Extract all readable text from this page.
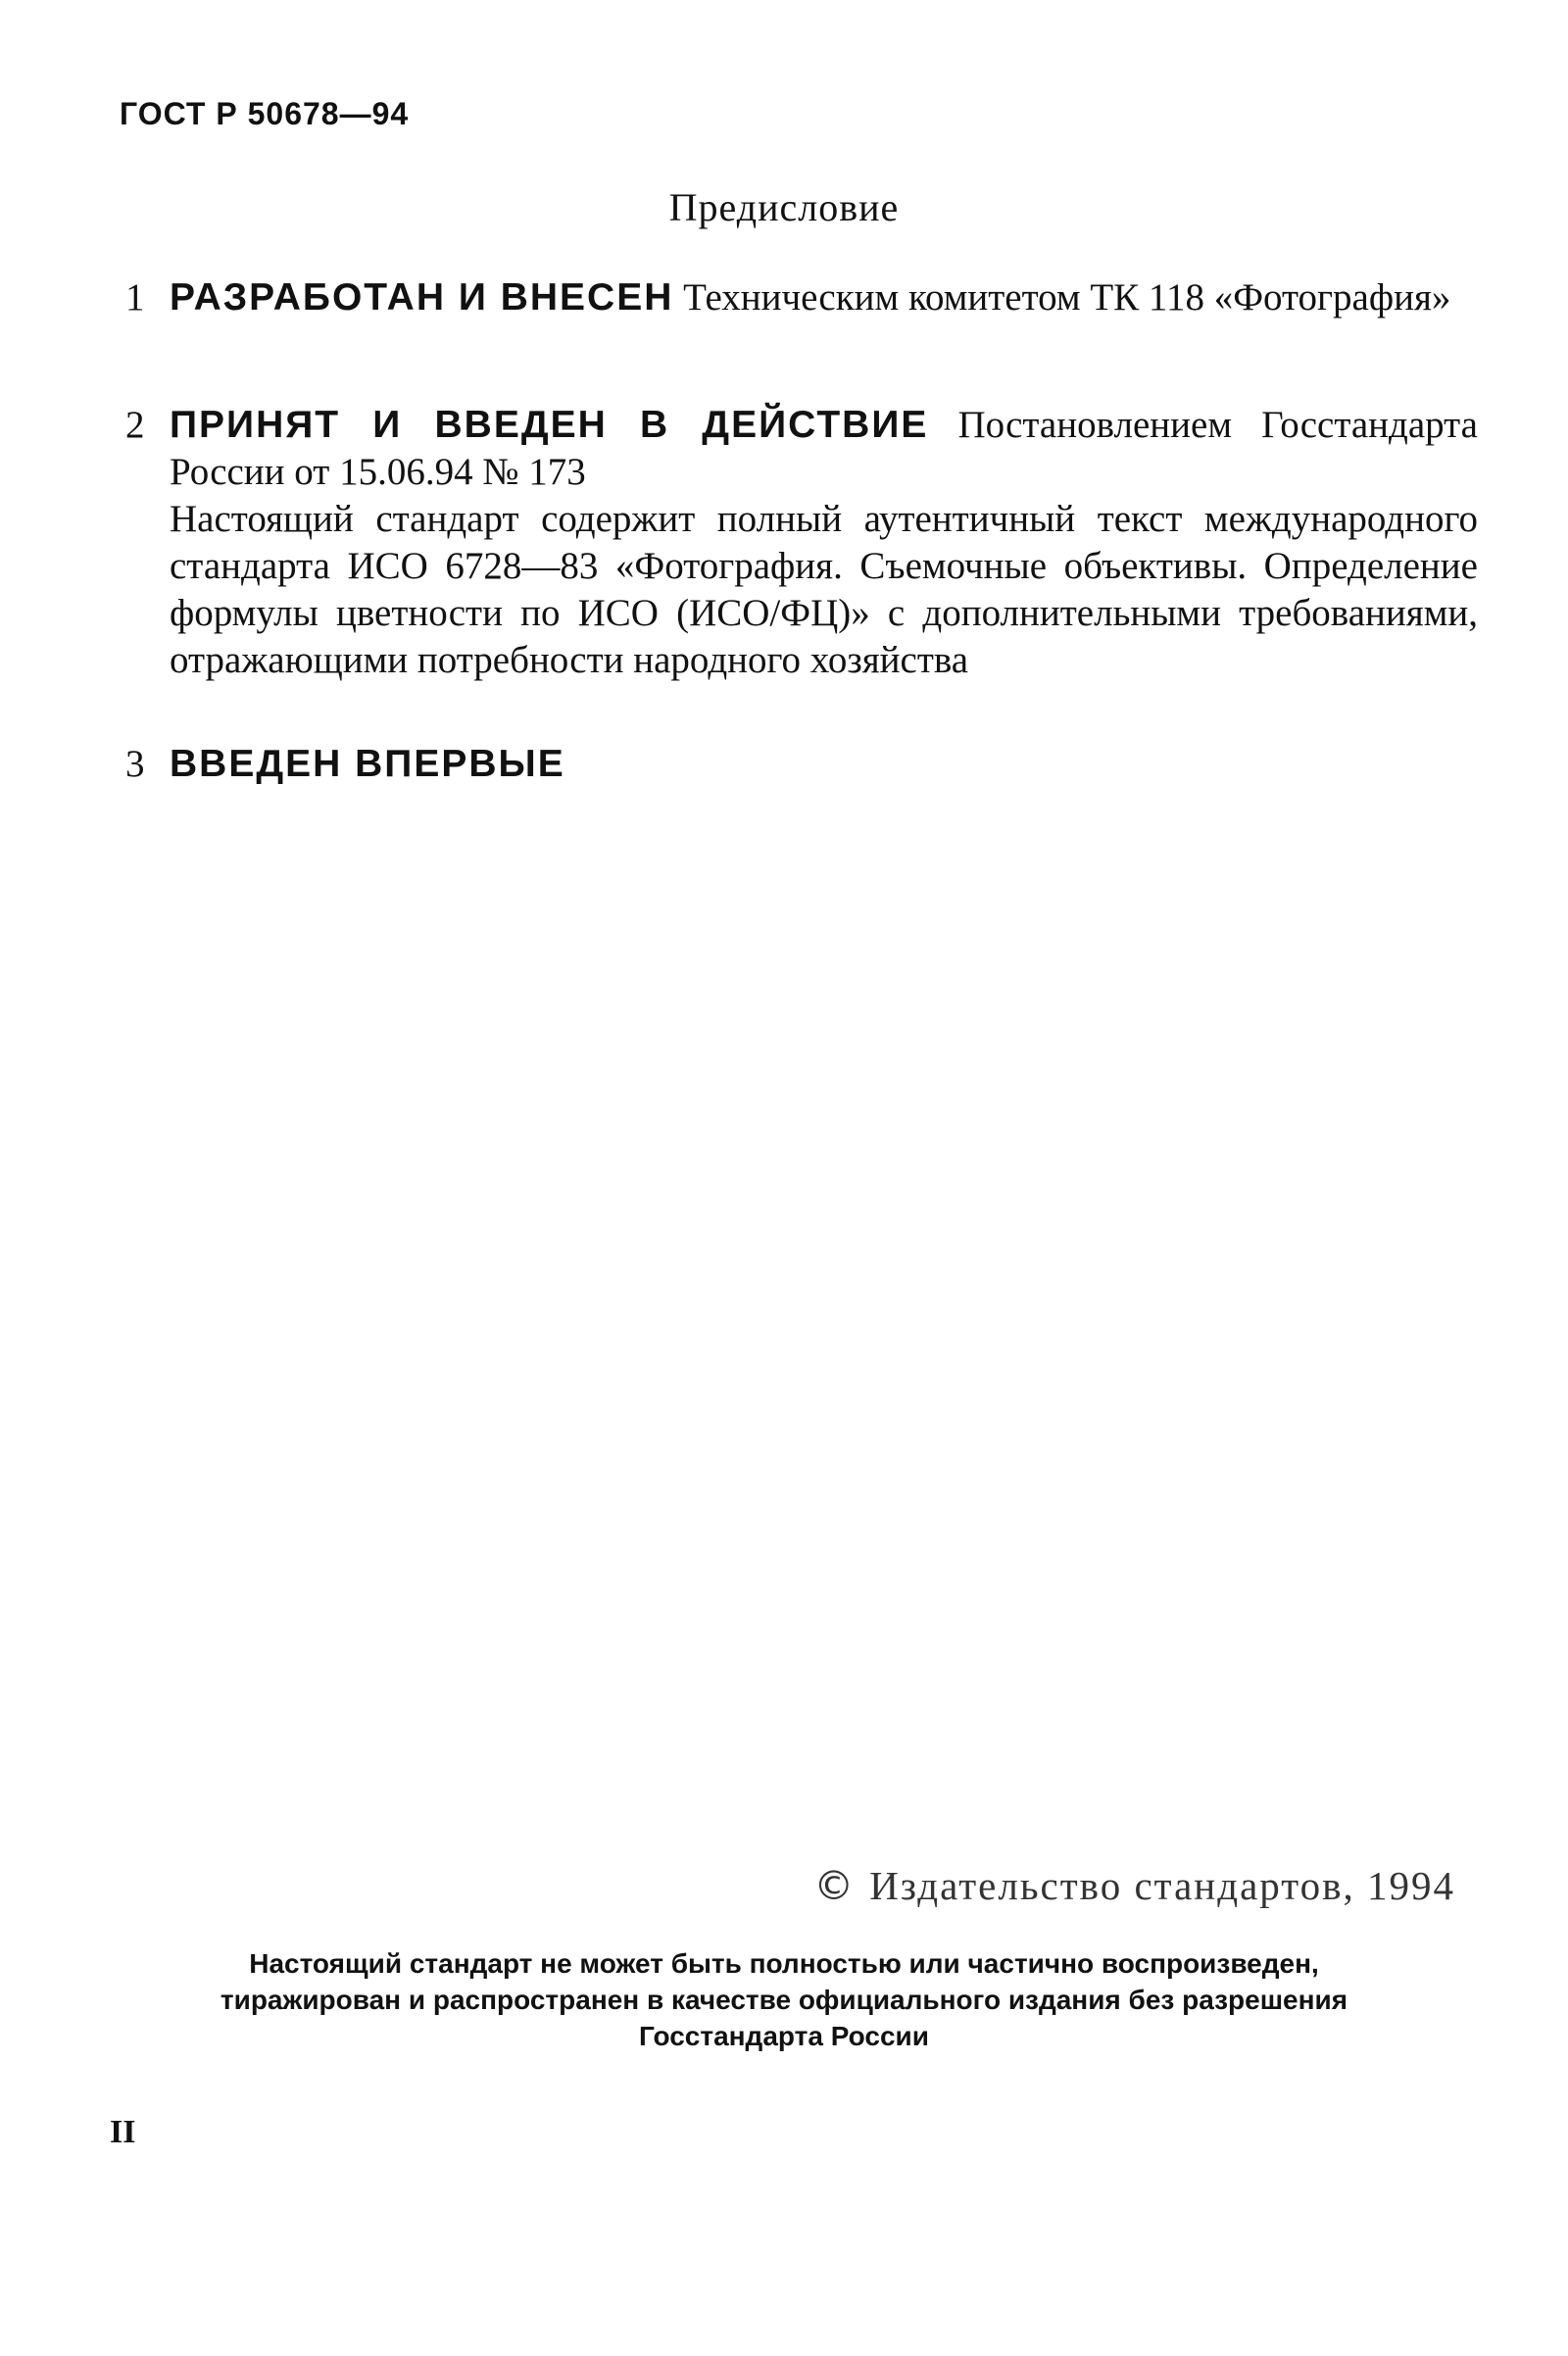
ГОСТ Р 50678—94
Предисловие
1 РАЗРАБОТАН И ВНЕСЕН Техническим комитетом ТК 118 «Фотография»
2 ПРИНЯТ И ВВЕДЕН В ДЕЙСТВИЕ Постановлением Госстандарта России от 15.06.94 № 173

Настоящий стандарт содержит полный аутентичный текст международного стандарта ИСО 6728—83 «Фотография. Съемочные объективы. Определение формулы цветности по ИСО (ИСО/ФЦ)» с дополнительными требованиями, отражающими потребности народного хозяйства

3 ВВЕДЕН ВПЕРВЫЕ
© Издательство стандартов, 1994

Настоящий стандарт не может быть полностью или частично воспроизведен,

тиражирован и распространен в качестве официального издания без разрешения

Госстандарта России

II
